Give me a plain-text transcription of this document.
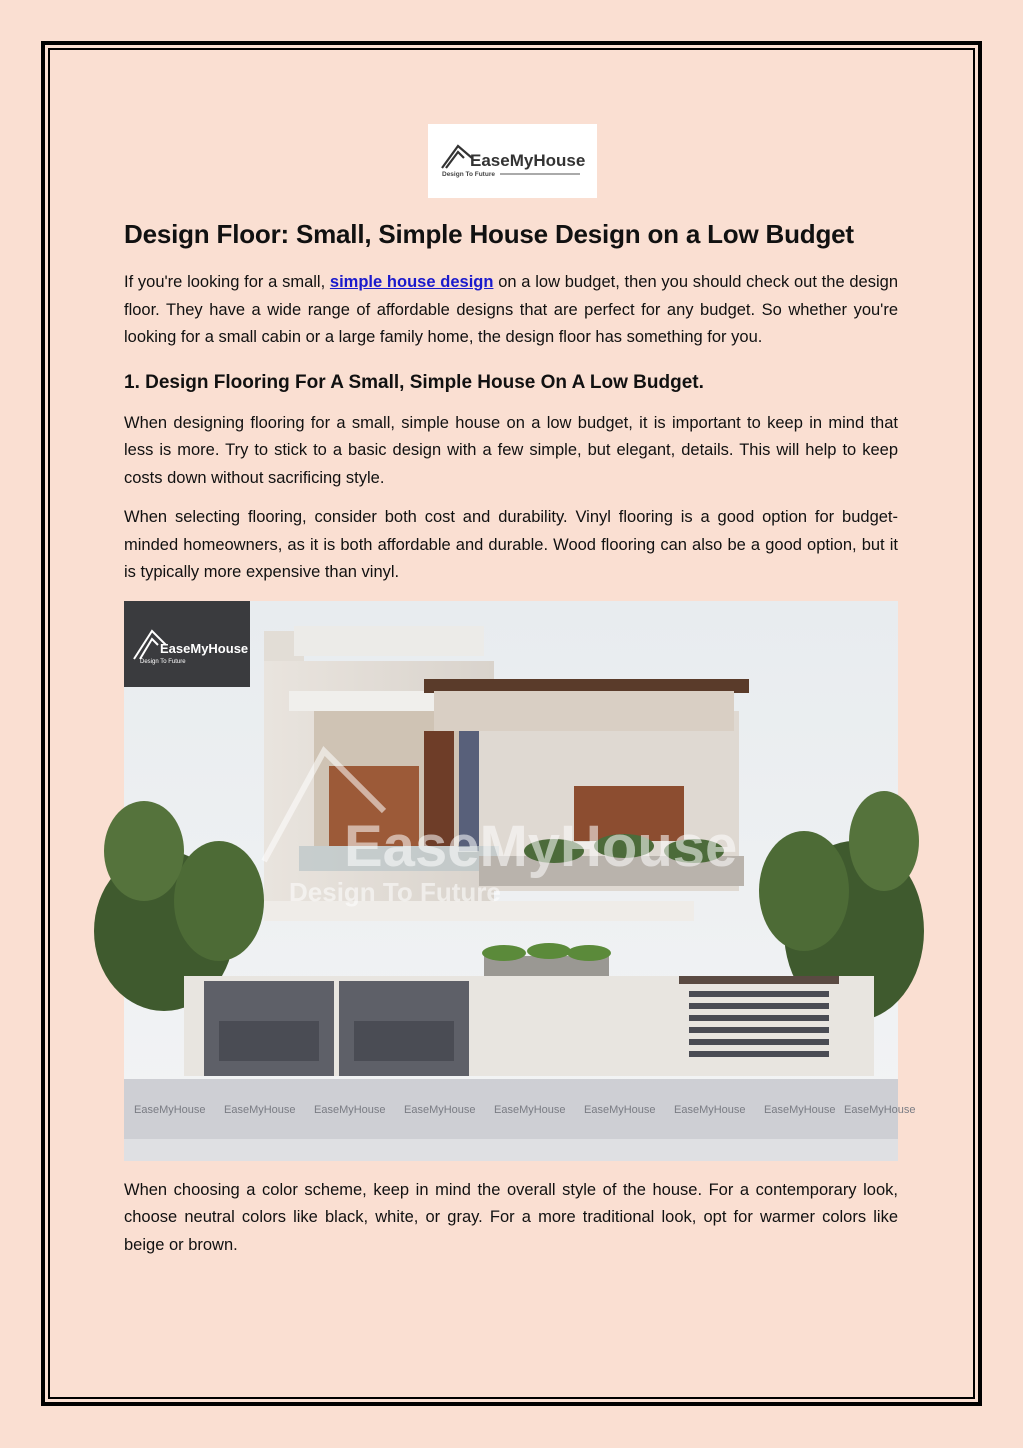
EaseMyHouse
Design To Future
Design Floor: Small, Simple House Design on a Low Budget

If you're looking for a small, simple house design on a low budget, then you should check out the design floor. They have a wide range of affordable designs that are perfect for any budget. So whether you're looking for a small cabin or a large family home, the design floor has something for you.

1. Design Flooring For A Small, Simple House On A Low Budget.

When designing flooring for a small, simple house on a low budget, it is important to keep in mind that less is more. Try to stick to a basic design with a few simple, but elegant, details. This will help to keep costs down without sacrificing style.

When selecting flooring, consider both cost and durability. Vinyl flooring is a good option for budget-minded homeowners, as it is both affordable and durable. Wood flooring can also be a good option, but it is typically more expensive than vinyl.

EaseMyHouse
Design To Future
EaseMyHouse EaseMyHouse EaseMyHouse EaseMyHouse EaseMyHouse EaseMyHouse EaseMyHouse EaseMyHouse EaseMyHouse
EaseMyHouse
Design To Future

When choosing a color scheme, keep in mind the overall style of the house. For a contemporary look, choose neutral colors like black, white, or gray. For a more traditional look, opt for warmer colors like beige or brown.
